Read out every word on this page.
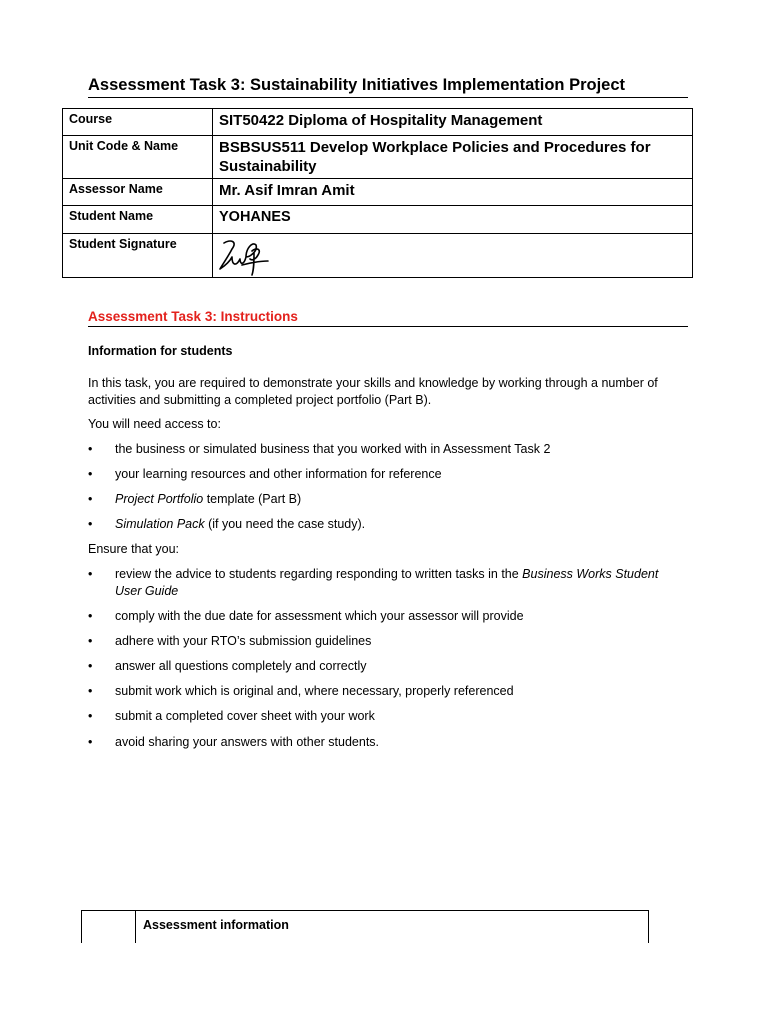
Assessment Task 3: Sustainability Initiatives Implementation Project
Course	SIT50422 Diploma of Hospitality Management
Unit Code & Name	BSBSUS511 Develop Workplace Policies and Procedures for Sustainability
Assessor Name	Mr. Asif Imran Amit
Student Name	YOHANES
Student Signature	
Assessment Task 3: Instructions
Information for students
In this task, you are required to demonstrate your skills and knowledge by working through a number of activities and submitting a completed project portfolio (Part B).
You will need access to:
•	the business or simulated business that you worked with in Assessment Task 2
•	your learning resources and other information for reference
•	Project Portfolio template (Part B)
•	Simulation Pack (if you need the case study).
Ensure that you:
•	review the advice to students regarding responding to written tasks in the Business Works Student User Guide
•	comply with the due date for assessment which your assessor will provide
•	adhere with your RTO’s submission guidelines
•	answer all questions completely and correctly
•	submit work which is original and, where necessary, properly referenced
•	submit a completed cover sheet with your work
•	avoid sharing your answers with other students.
Assessment information
